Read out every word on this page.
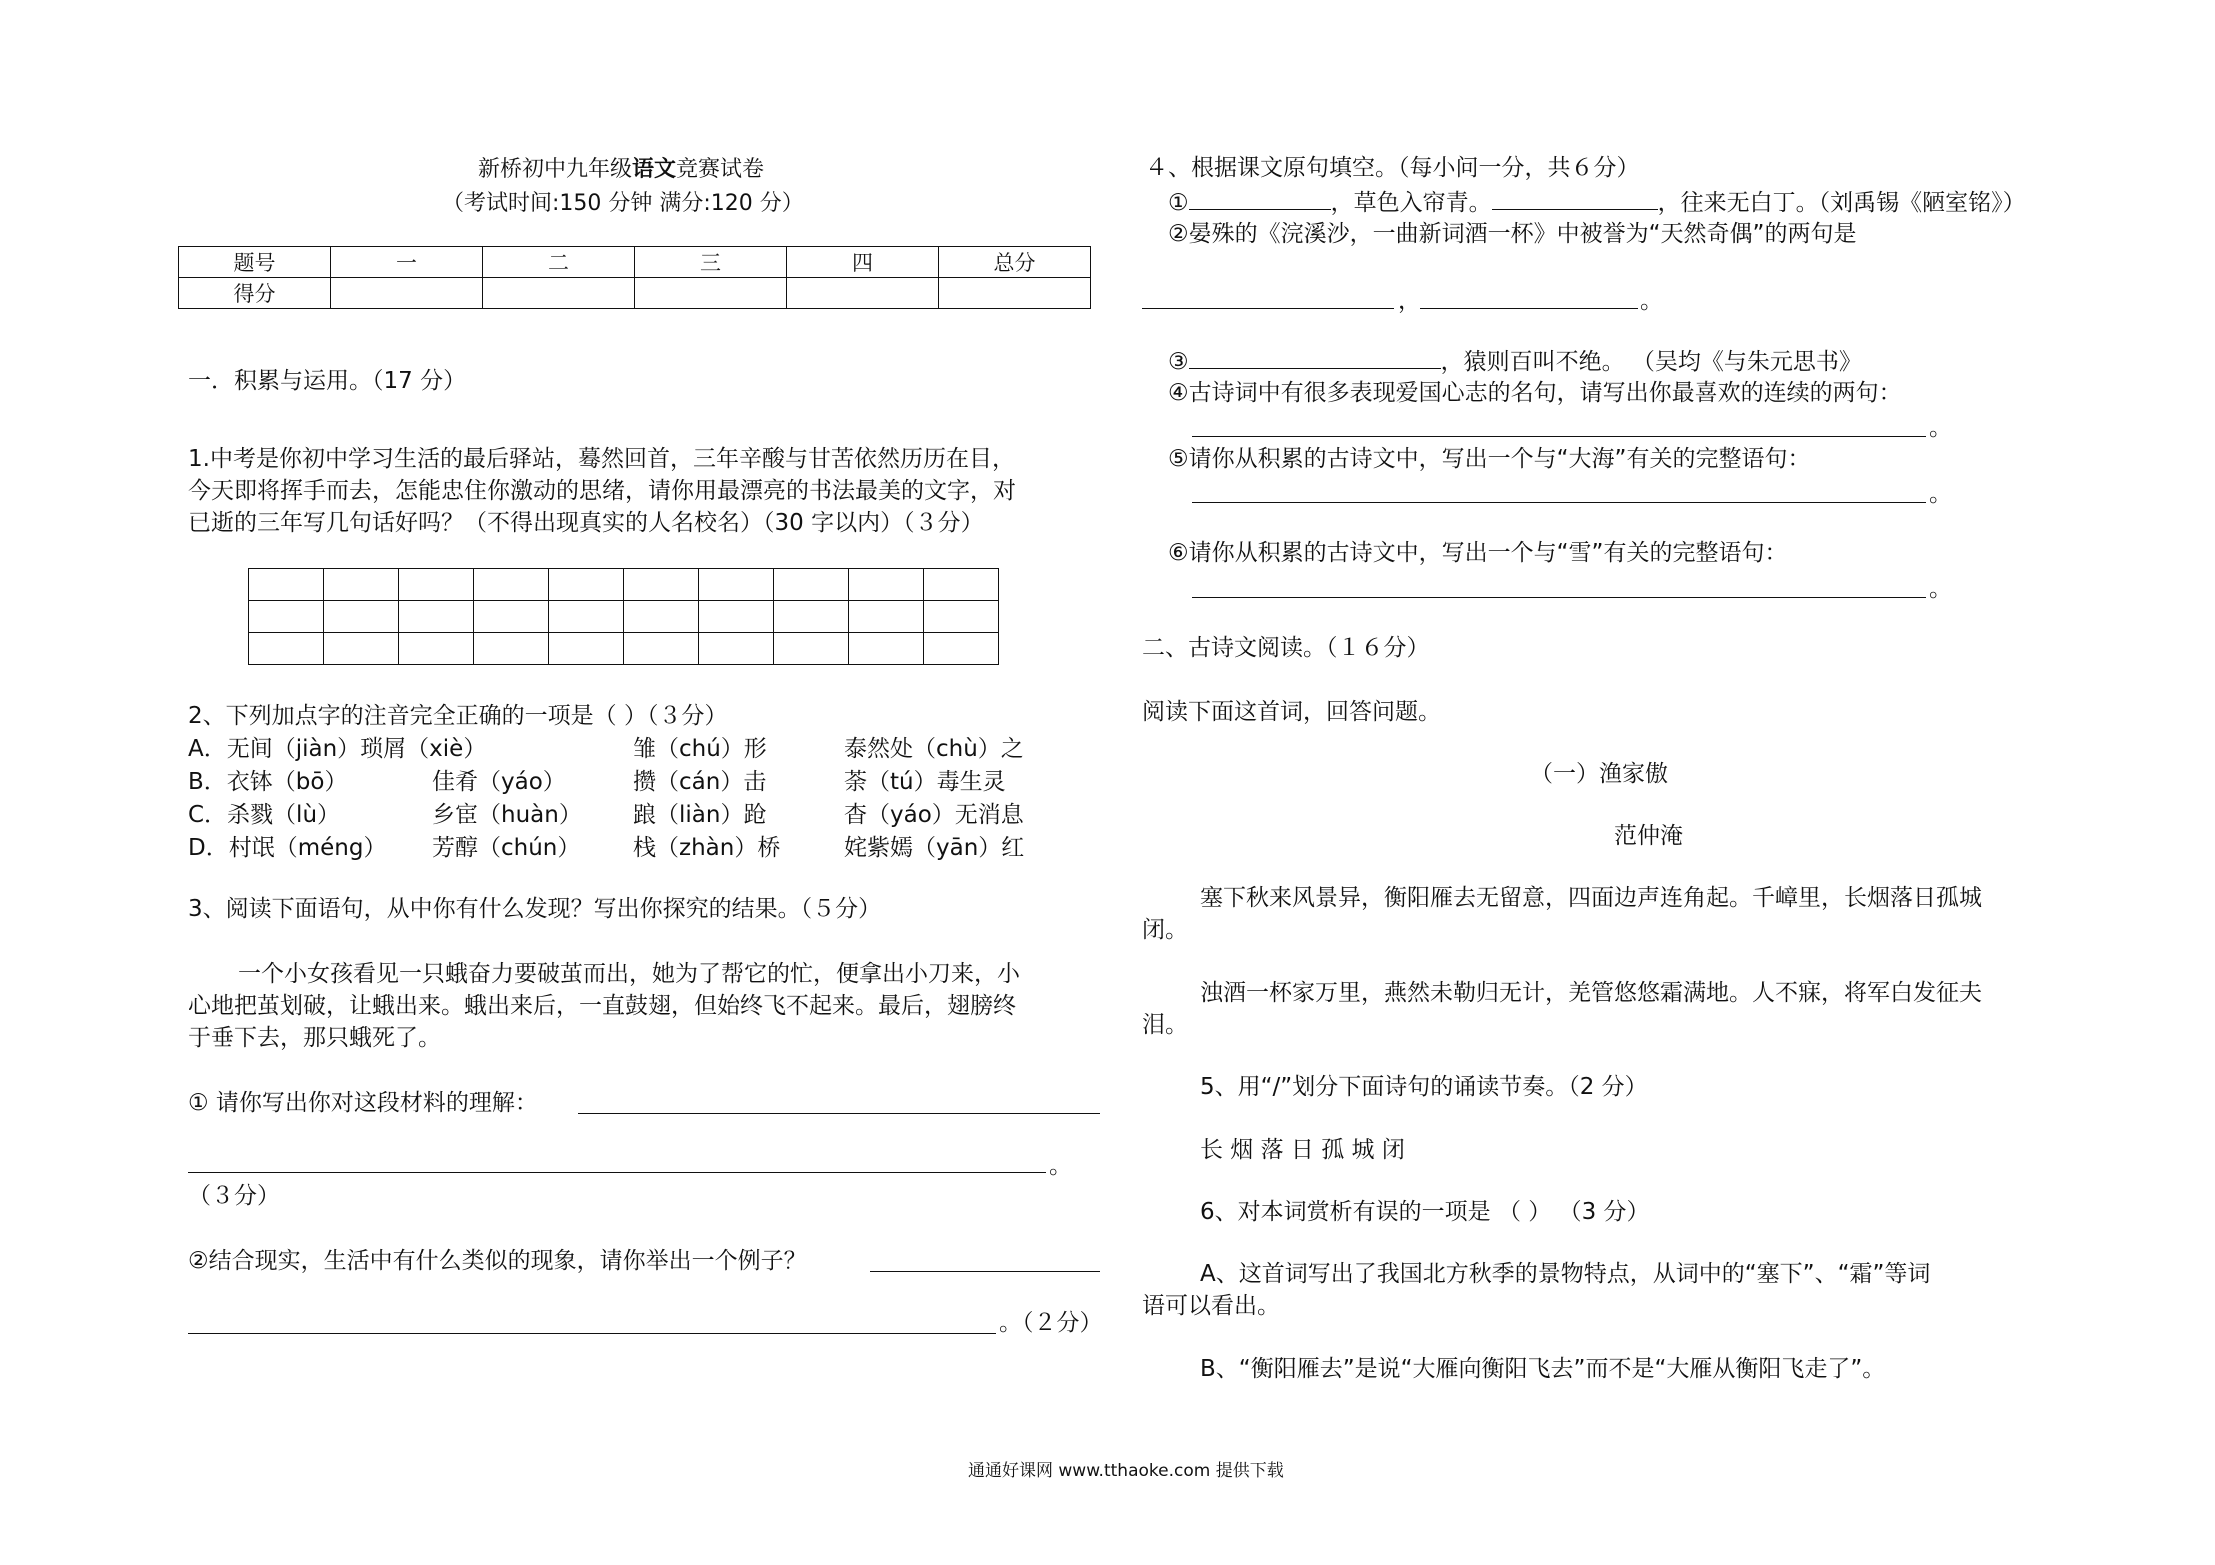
新桥初中九年级语文竞赛试卷
（考试时间:150 分钟 满分:120 分）
题号	一	二	三	四	总分
得分					
一．积累与运用。（17 分）
1.中考是你初中学习生活的最后驿站，蓦然回首，三年辛酸与甘苦依然历历在目，
今天即将挥手而去，怎能忠住你激动的思绪，请你用最漂亮的书法最美的文字，对
已逝的三年写几句话好吗？（不得出现真实的人名校名）（30 字以内）（３分）

2、下列加点字的注音完全正确的一项是（ ）（３分）
A．无间（jiàn）琐屑（xiè）	雏（chú）形	泰然处（chù）之
B．衣钵（bō）	佳肴（yáo）	攒（cán）击	荼（tú）毒生灵
C．杀戮（lù）	乡宦（huàn） 踉（liàn）跄	杳（yáo）无消息
D．村氓（méng） 芳醇（chún） 栈（zhàn）桥	姹紫嫣（yān）红
3、阅读下面语句，从中你有什么发现？写出你探究的结果。（５分）
一个小女孩看见一只蛾奋力要破茧而出，她为了帮它的忙，便拿出小刀来，小
心地把茧划破，让蛾出来。蛾出来后，一直鼓翅，但始终飞不起来。最后，翅膀终
于垂下去，那只蛾死了。
① 请你写出你对这段材料的理解：
。
（３分）
②结合现实，生活中有什么类似的现象，请你举出一个例子？
。（２分）
４、根据课文原句填空。（每小问一分，共６分）
①	，草色入帘青。	，往来无白丁。（刘禹锡《陋室铭》）
②晏殊的《浣溪沙，一曲新词酒一杯》中被誉为“天然奇偶”的两句是
，	。
③	，猿则百叫不绝。 （吴均《与朱元思书》
④古诗词中有很多表现爱国心志的名句，请写出你最喜欢的连续的两句：
。
⑤请你从积累的古诗文中，写出一个与“大海”有关的完整语句：
。
⑥请你从积累的古诗文中，写出一个与“雪”有关的完整语句：
。
二、古诗文阅读。（１６分）
阅读下面这首词，回答问题。
（一）渔家傲
范仲淹
塞下秋来风景异，衡阳雁去无留意，四面边声连角起。千嶂里，长烟落日孤城
闭。
浊酒一杯家万里，燕然未勒归无计，羌管悠悠霜满地。人不寐，将军白发征夫
泪。
5、用“/”划分下面诗句的诵读节奏。（2 分）
长 烟 落 日 孤 城 闭
6、对本词赏析有误的一项是 （ ） （3 分）
A、这首词写出了我国北方秋季的景物特点，从词中的“塞下”、“霜”等词
语可以看出。
B、“衡阳雁去”是说“大雁向衡阳飞去”而不是“大雁从衡阳飞走了”。
通通好课网 www.tthaoke.com 提供下载
